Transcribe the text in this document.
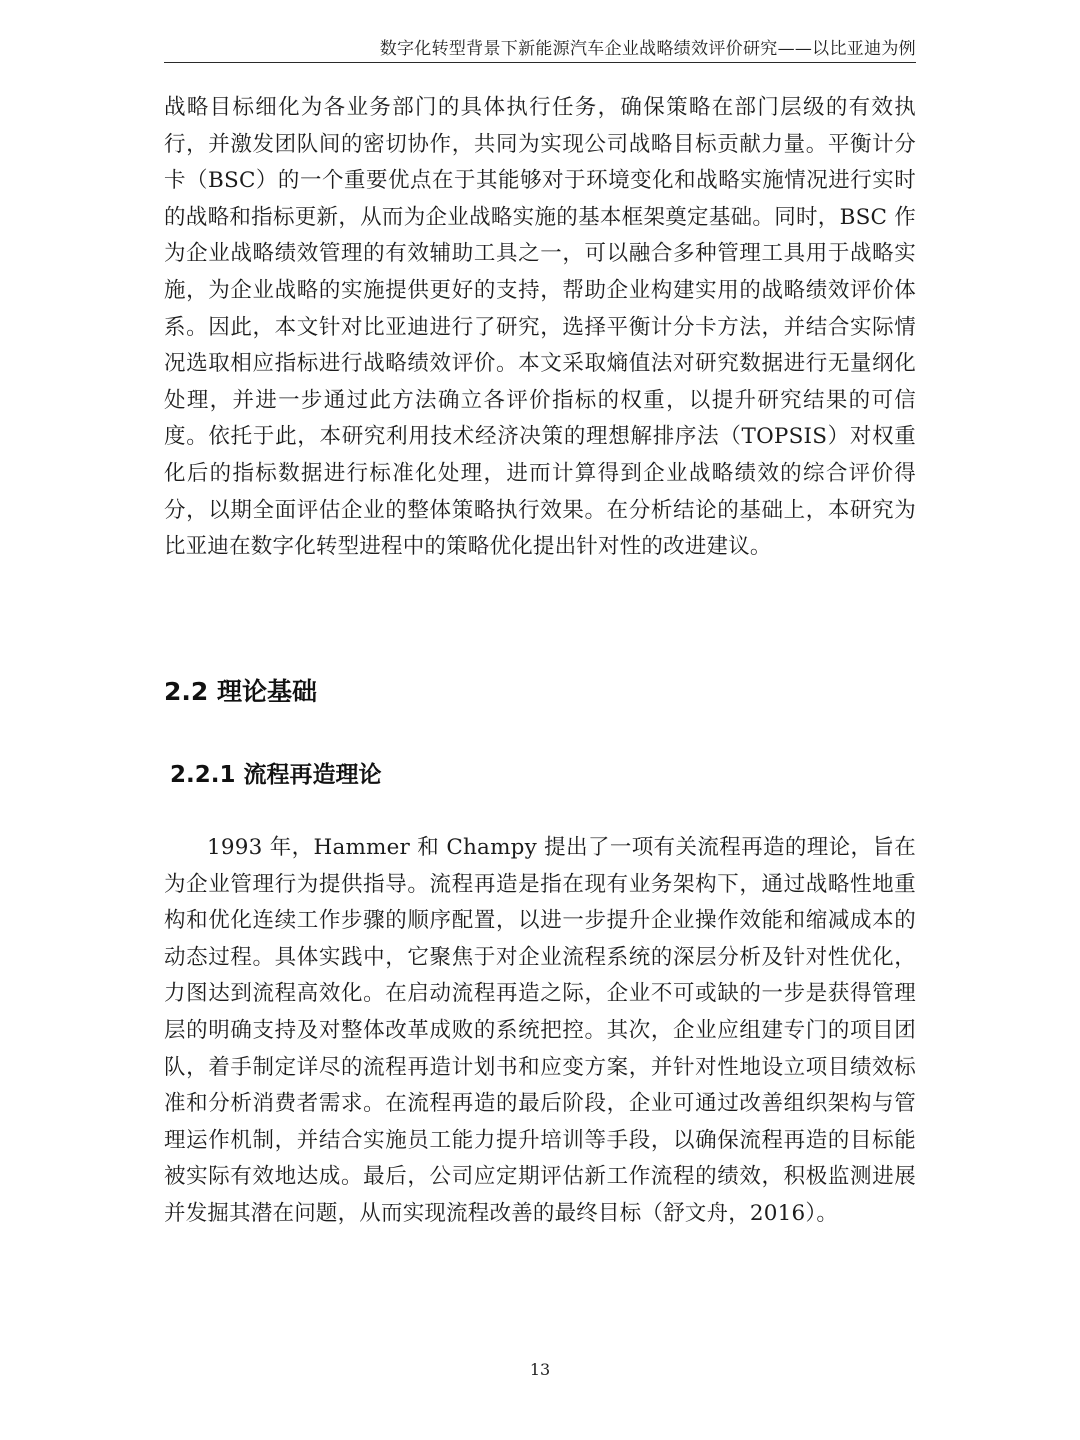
数字化转型背景下新能源汽车企业战略绩效评价研究——以比亚迪为例

战略目标细化为各业务部门的具体执行任务，确保策略在部门层级的有效执行，并激发团队间的密切协作，共同为实现公司战略目标贡献力量。平衡计分卡（BSC）的一个重要优点在于其能够对于环境变化和战略实施情况进行实时的战略和指标更新，从而为企业战略实施的基本框架奠定基础。同时，BSC 作为企业战略绩效管理的有效辅助工具之一，可以融合多种管理工具用于战略实施，为企业战略的实施提供更好的支持，帮助企业构建实用的战略绩效评价体系。因此，本文针对比亚迪进行了研究，选择平衡计分卡方法，并结合实际情况选取相应指标进行战略绩效评价。本文采取熵值法对研究数据进行无量纲化处理，并进一步通过此方法确立各评价指标的权重，以提升研究结果的可信度。依托于此，本研究利用技术经济决策的理想解排序法（TOPSIS）对权重化后的指标数据进行标准化处理，进而计算得到企业战略绩效的综合评价得分，以期全面评估企业的整体策略执行效果。在分析结论的基础上，本研究为比亚迪在数字化转型进程中的策略优化提出针对性的改进建议。

2.2 理论基础
2.2.1 流程再造理论

1993 年，Hammer 和 Champy 提出了一项有关流程再造的理论，旨在为企业管理行为提供指导。流程再造是指在现有业务架构下，通过战略性地重构和优化连续工作步骤的顺序配置，以进一步提升企业操作效能和缩减成本的动态过程。具体实践中，它聚焦于对企业流程系统的深层分析及针对性优化，力图达到流程高效化。在启动流程再造之际，企业不可或缺的一步是获得管理层的明确支持及对整体改革成败的系统把控。其次，企业应组建专门的项目团队，着手制定详尽的流程再造计划书和应变方案，并针对性地设立项目绩效标准和分析消费者需求。在流程再造的最后阶段，企业可通过改善组织架构与管理运作机制，并结合实施员工能力提升培训等手段，以确保流程再造的目标能被实际有效地达成。最后，公司应定期评估新工作流程的绩效，积极监测进展并发掘其潜在问题，从而实现流程改善的最终目标（舒文舟，2016）。

13
